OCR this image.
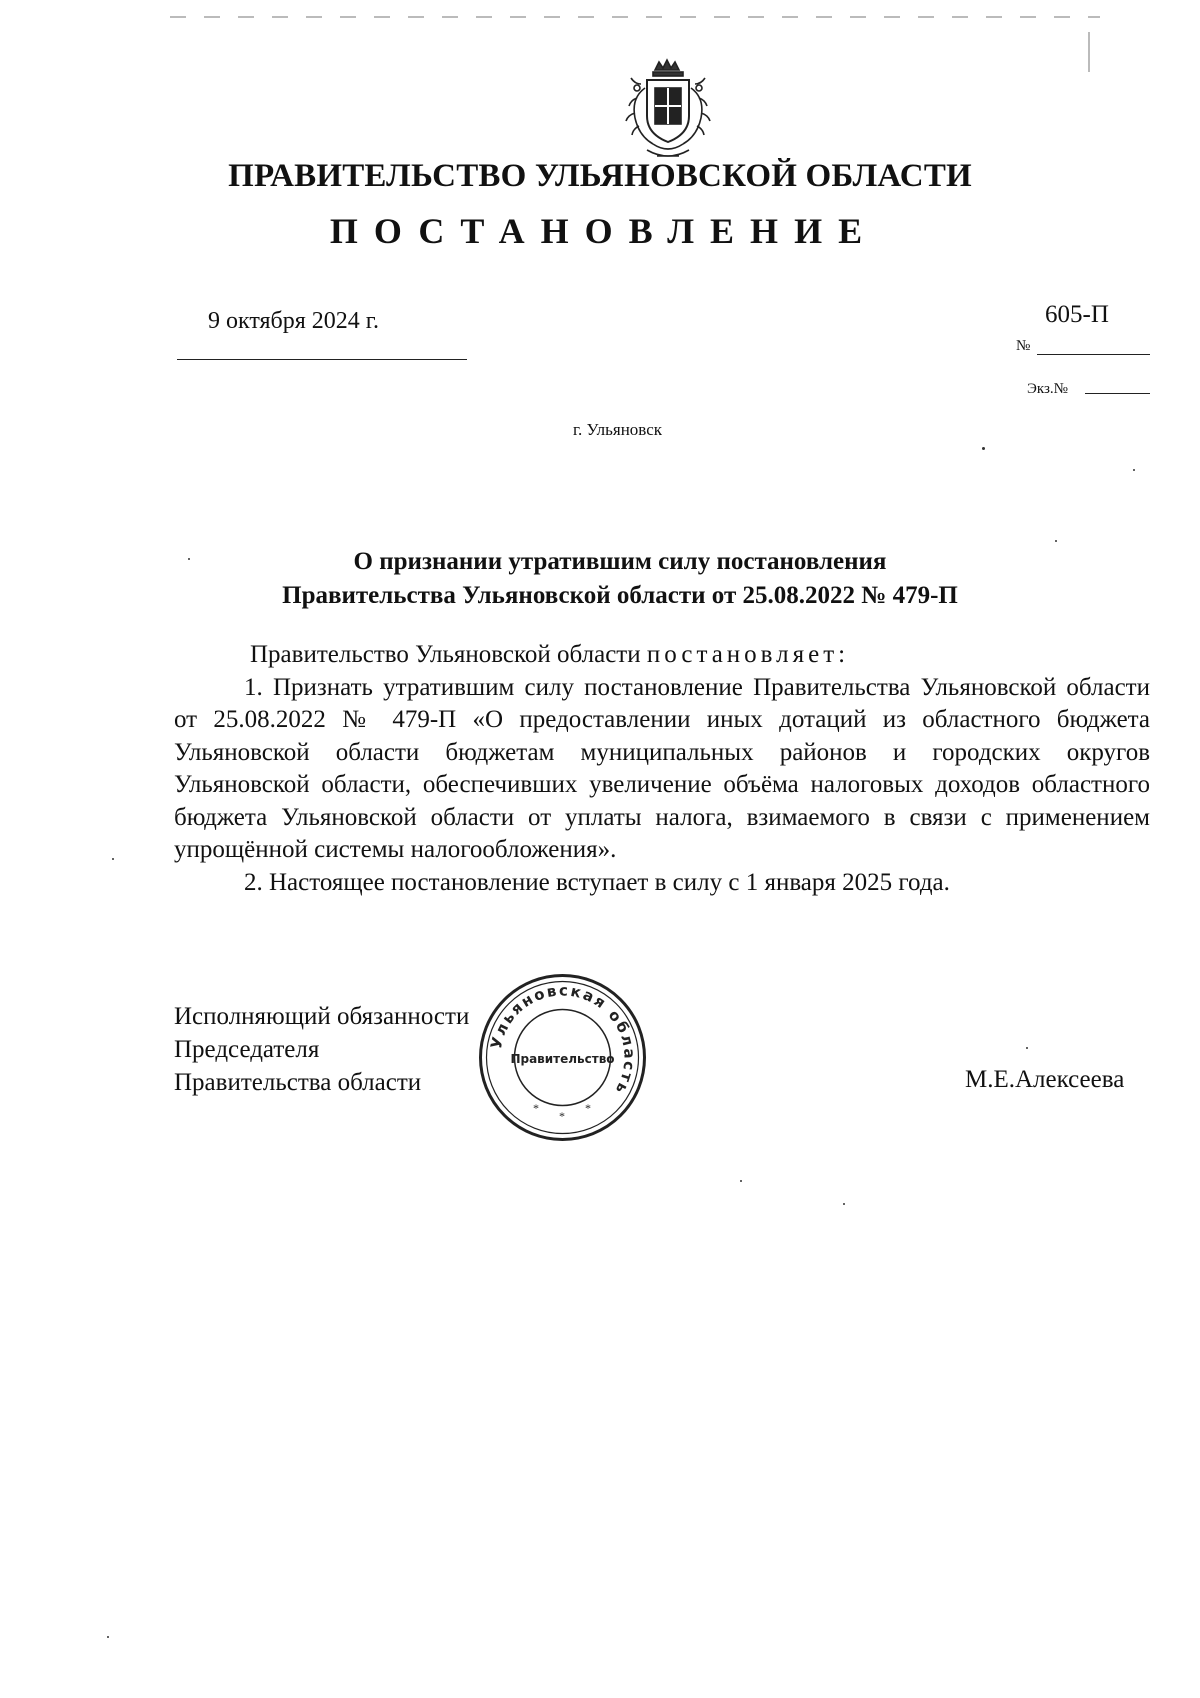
ПРАВИТЕЛЬСТВО УЛЬЯНОВСКОЙ ОБЛАСТИ
ПОСТАНОВЛЕНИЕ
9 октября 2024 г.	605-П
№
Экз.№
г. Ульяновск
О признании утратившим силу постановления
Правительства Ульяновской области от 25.08.2022 № 479-П

Правительство Ульяновской области постановляет:

1. Признать утратившим силу постановление Правительства Ульяновской области от 25.08.2022 № 479-П «О предоставлении иных дотаций из областного бюджета Ульяновской области бюджетам муниципальных районов и городских округов Ульяновской области, обеспечивших увеличение объёма налоговых доходов областного бюджета Ульяновской области от уплаты налога, взимаемого в связи с применением упрощённой системы налогообложения».

2. Настоящее постановление вступает в силу с 1 января 2025 года.

Исполняющий обязанности
Председателя
Правительства области	М.Е.Алексеева
Ульяновская область
Правительство
*
*
*
